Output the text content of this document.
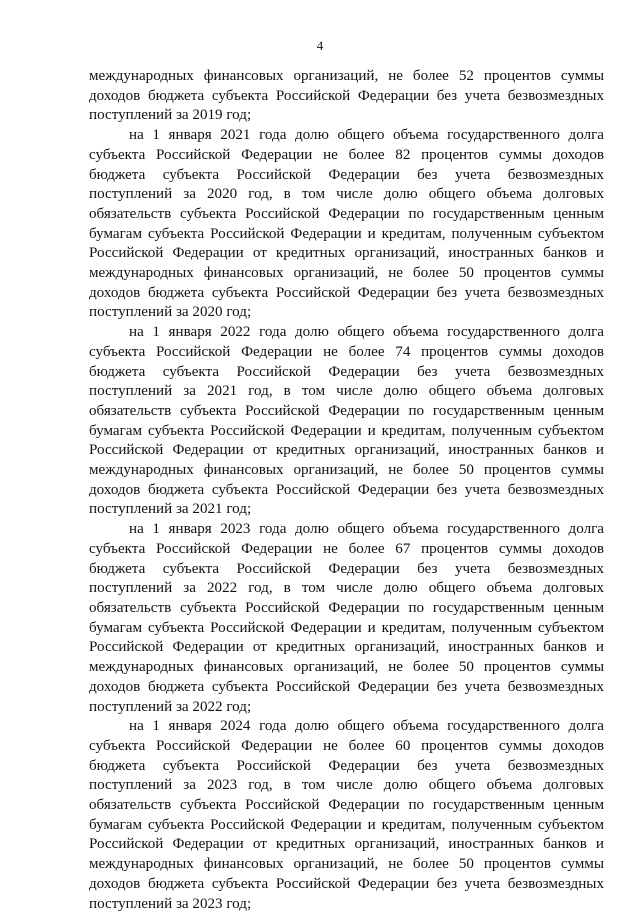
4

международных финансовых организаций, не более 52 процентов суммы доходов бюджета субъекта Российской Федерации без учета безвозмездных поступлений за 2019 год;

на 1 января 2021 года долю общего объема государственного долга субъекта Российской Федерации не более 82 процентов суммы доходов бюджета субъекта Российской Федерации без учета безвозмездных поступлений за 2020 год, в том числе долю общего объема долговых обязательств субъекта Российской Федерации по государственным ценным бумагам субъекта Российской Федерации и кредитам, полученным субъектом Российской Федерации от кредитных организаций, иностранных банков и международных финансовых организаций, не более 50 процентов суммы доходов бюджета субъекта Российской Федерации без учета безвозмездных поступлений за 2020 год;

на 1 января 2022 года долю общего объема государственного долга субъекта Российской Федерации не более 74 процентов суммы доходов бюджета субъекта Российской Федерации без учета безвозмездных поступлений за 2021 год, в том числе долю общего объема долговых обязательств субъекта Российской Федерации по государственным ценным бумагам субъекта Российской Федерации и кредитам, полученным субъектом Российской Федерации от кредитных организаций, иностранных банков и международных финансовых организаций, не более 50 процентов суммы доходов бюджета субъекта Российской Федерации без учета безвозмездных поступлений за 2021 год;

на 1 января 2023 года долю общего объема государственного долга субъекта Российской Федерации не более 67 процентов суммы доходов бюджета субъекта Российской Федерации без учета безвозмездных поступлений за 2022 год, в том числе долю общего объема долговых обязательств субъекта Российской Федерации по государственным ценным бумагам субъекта Российской Федерации и кредитам, полученным субъектом Российской Федерации от кредитных организаций, иностранных банков и международных финансовых организаций, не более 50 процентов суммы доходов бюджета субъекта Российской Федерации без учета безвозмездных поступлений за 2022 год;

на 1 января 2024 года долю общего объема государственного долга субъекта Российской Федерации не более 60 процентов суммы доходов бюджета субъекта Российской Федерации без учета безвозмездных поступлений за 2023 год, в том числе долю общего объема долговых обязательств субъекта Российской Федерации по государственным ценным бумагам субъекта Российской Федерации и кредитам, полученным субъектом Российской Федерации от кредитных организаций, иностранных банков и международных финансовых организаций, не более 50 процентов суммы доходов бюджета субъекта Российской Федерации без учета безвозмездных поступлений за 2023 год;
